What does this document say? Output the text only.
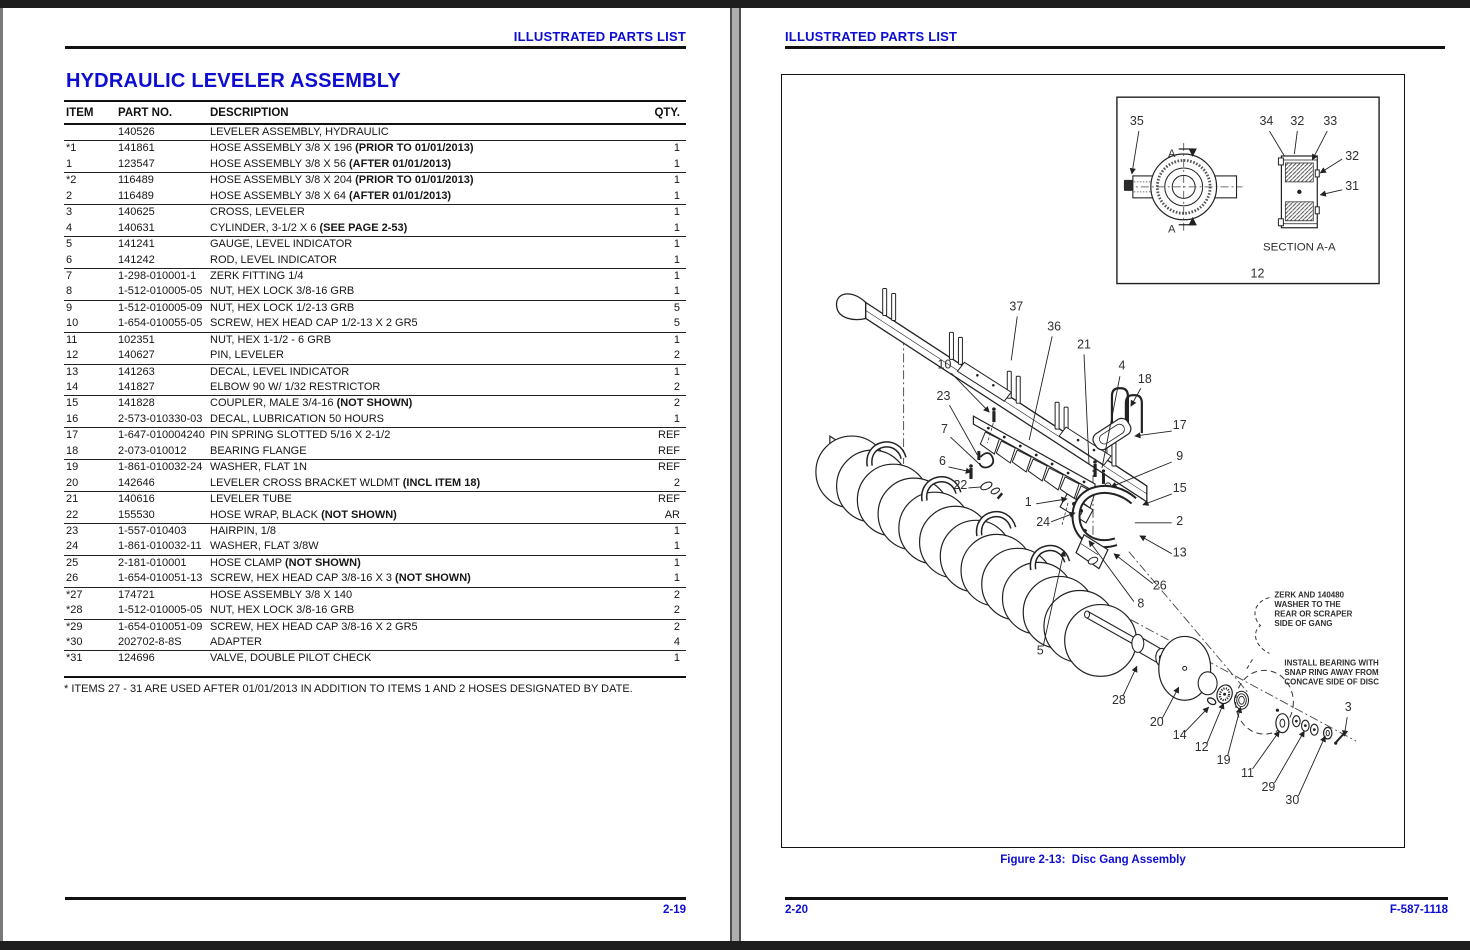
ILLUSTRATED PARTS LIST
HYDRAULIC LEVELER ASSEMBLY
ITEM	PART NO.	DESCRIPTION	QTY.
140526	LEVELER ASSEMBLY, HYDRAULIC
*1	141861	HOSE ASSEMBLY 3/8 X 196 (PRIOR TO 01/01/2013)	1
1	123547	HOSE ASSEMBLY 3/8 X 56 (AFTER 01/01/2013)	1
*2	116489	HOSE ASSEMBLY 3/8 X 204 (PRIOR TO 01/01/2013)	1
2	116489	HOSE ASSEMBLY 3/8 X 64 (AFTER 01/01/2013)	1
3	140625	CROSS, LEVELER	1
4	140631	CYLINDER, 3-1/2 X 6 (SEE PAGE 2-53)	1
5	141241	GAUGE, LEVEL INDICATOR	1
6	141242	ROD, LEVEL INDICATOR	1
7	1-298-010001-1	ZERK FITTING 1/4	1
8	1-512-010005-05 NUT, HEX LOCK 3/8-16 GRB	1
9	1-512-010005-09 NUT, HEX LOCK 1/2-13 GRB	5
10	1-654-010055-05 SCREW, HEX HEAD CAP 1/2-13 X 2 GR5	5
11	102351	NUT, HEX 1-1/2 - 6 GRB	1
12	140627	PIN, LEVELER	2
13	141263	DECAL, LEVEL INDICATOR	1
14	141827	ELBOW 90 W/ 1/32 RESTRICTOR	2
15	141828	COUPLER, MALE 3/4-16 (NOT SHOWN)	2
16	2-573-010330-03 DECAL, LUBRICATION 50 HOURS	1
17	1-647-010004240 PIN SPRING SLOTTED 5/16 X 2-1/2	REF
18	2-073-010012	BEARING FLANGE	REF
19	1-861-010032-24 WASHER, FLAT 1N	REF
20	142646	LEVELER CROSS BRACKET WLDMT (INCL ITEM 18)	2
21	140616	LEVELER TUBE	REF
22	155530	HOSE WRAP, BLACK (NOT SHOWN)	AR
23	1-557-010403	HAIRPIN, 1/8	1
24	1-861-010032-11 WASHER, FLAT 3/8W	1
25	2-181-010001	HOSE CLAMP (NOT SHOWN)	1
26	1-654-010051-13 SCREW, HEX HEAD CAP 3/8-16 X 3 (NOT SHOWN)	1
*27	174721	HOSE ASSEMBLY 3/8 X 140	2
*28	1-512-010005-05 NUT, HEX LOCK 3/8-16 GRB	2
*29	1-654-010051-09 SCREW, HEX HEAD CAP 3/8-16 X 2 GR5	2
*30	202702-8-8S	ADAPTER	4
*31	124696	VALVE, DOUBLE PILOT CHECK	1
* ITEMS 27 - 31 ARE USED AFTER 01/01/2013 IN ADDITION TO ITEMS 1 AND 2 HOSES DESIGNATED BY DATE.
2-19
ILLUSTRATED PARTS LIST
37
36
21
10	4
18
23
17
7
9
6
15
22
1
2
24
13
26
8
5
28
20
14
12
19
11
29
30
3
35	34 32 33
32
31
A
A
SECTION A-A
12
ZERK AND 140480
WASHER TO THE
REAR OR SCRAPER
SIDE OF GANG
INSTALL BEARING WITH
SNAP RING AWAY FROM
CONCAVE SIDE OF DISC
Figure 2-13:  Disc Gang Assembly
2-20	F-587-1118
